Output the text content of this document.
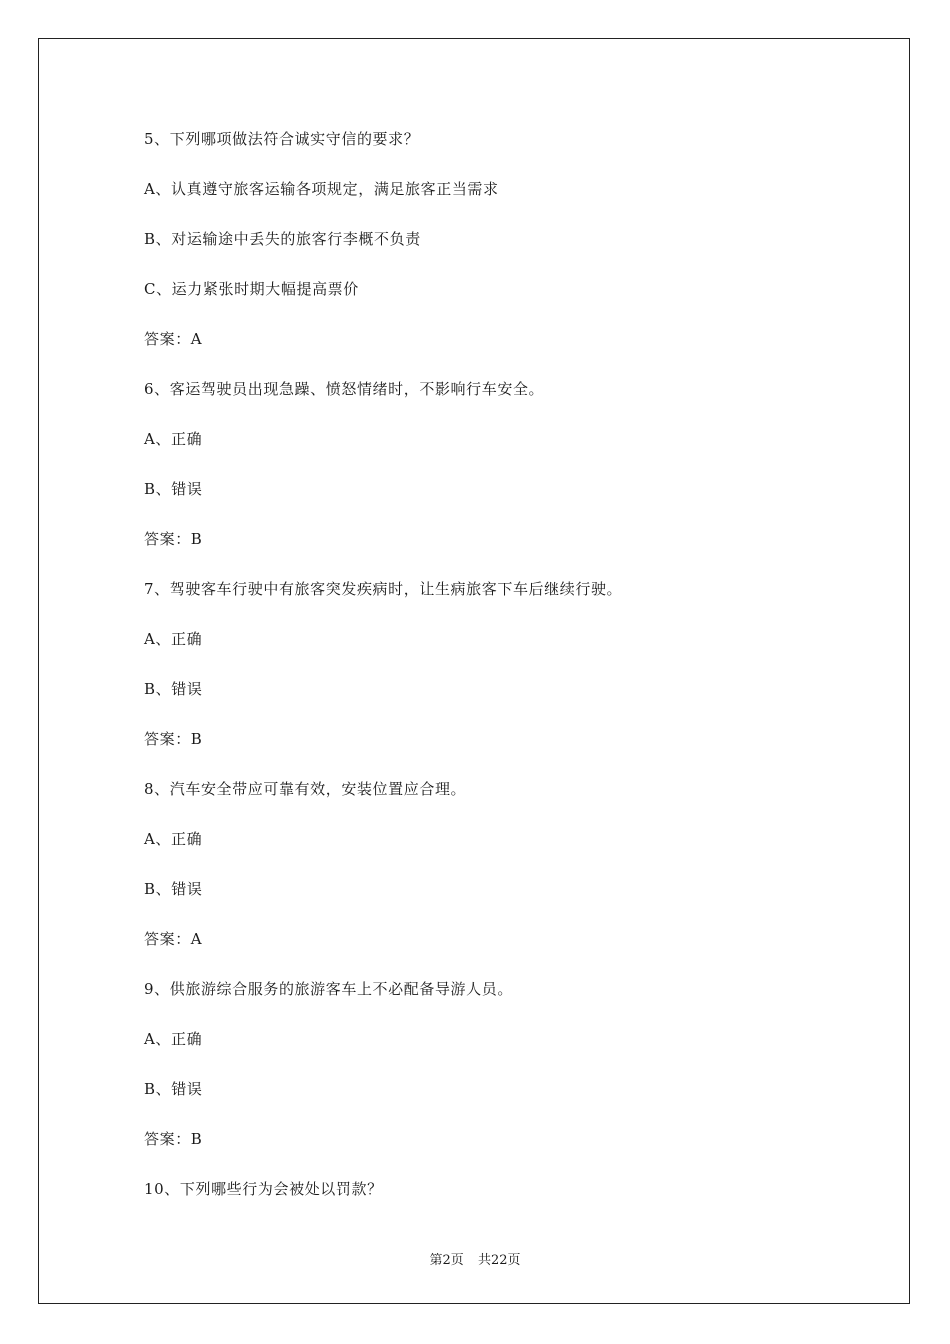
5、下列哪项做法符合诚实守信的要求？
A、认真遵守旅客运输各项规定，满足旅客正当需求
B、对运输途中丢失的旅客行李概不负责
C、运力紧张时期大幅提高票价
答案：A
6、客运驾驶员出现急躁、愤怒情绪时，不影响行车安全。
A、正确
B、错误
答案：B
7、驾驶客车行驶中有旅客突发疾病时，让生病旅客下车后继续行驶。
A、正确
B、错误
答案：B
8、汽车安全带应可靠有效，安装位置应合理。
A、正确
B、错误
答案：A
9、供旅游综合服务的旅游客车上不必配备导游人员。
A、正确
B、错误
答案：B
10、下列哪些行为会被处以罚款？
第2页 共22页
